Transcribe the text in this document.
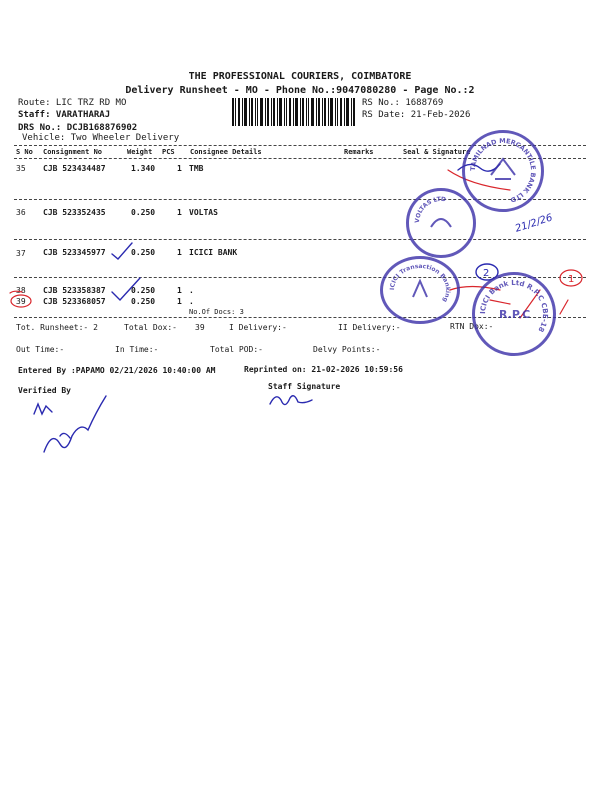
THE PROFESSIONAL COURIERS, COIMBATORE
Delivery Runsheet - MO - Phone No.:9047080280 - Page No.:2
Route: LIC TRZ RD MO
Staff: VARATHARAJ
DRS No.: DCJB168876902
Vehicle: Two Wheeler Delivery
RS No.: 1688769
RS Date: 21-Feb-2026
S No Consignment No	Weight PCS Consignee Details	Remarks	Seal & Signature
35 CJB 523434487	1.340	1 TMB
36 CJB 523352435	0.250	1 VOLTAS
37 CJB 523345977	0.250	1 ICICI BANK
38 CJB 523358387	0.250	1 .
39 CJB 523368057	0.250	1 .
No.Of Docs: 3
Tot. Runsheet:- 2	Total Dox:- 39	I Delivery:-	II Delivery:-	RTN Dox:-
Out Time:-	In Time:-	Total POD:-	Delvy Points:-
Entered By :PAPAMO 02/21/2026 10:40:00 AM	Reprinted on: 21-02-2026 10:59:56
Verified By	Staff Signature
21/2/26
2
1
TAMILNAD MERCANTILE BANK LTD
VOLTAS LTD
ICICI Transaction Banking
ICICI Bank Ltd R.P.C CBE-18
R.P.C
